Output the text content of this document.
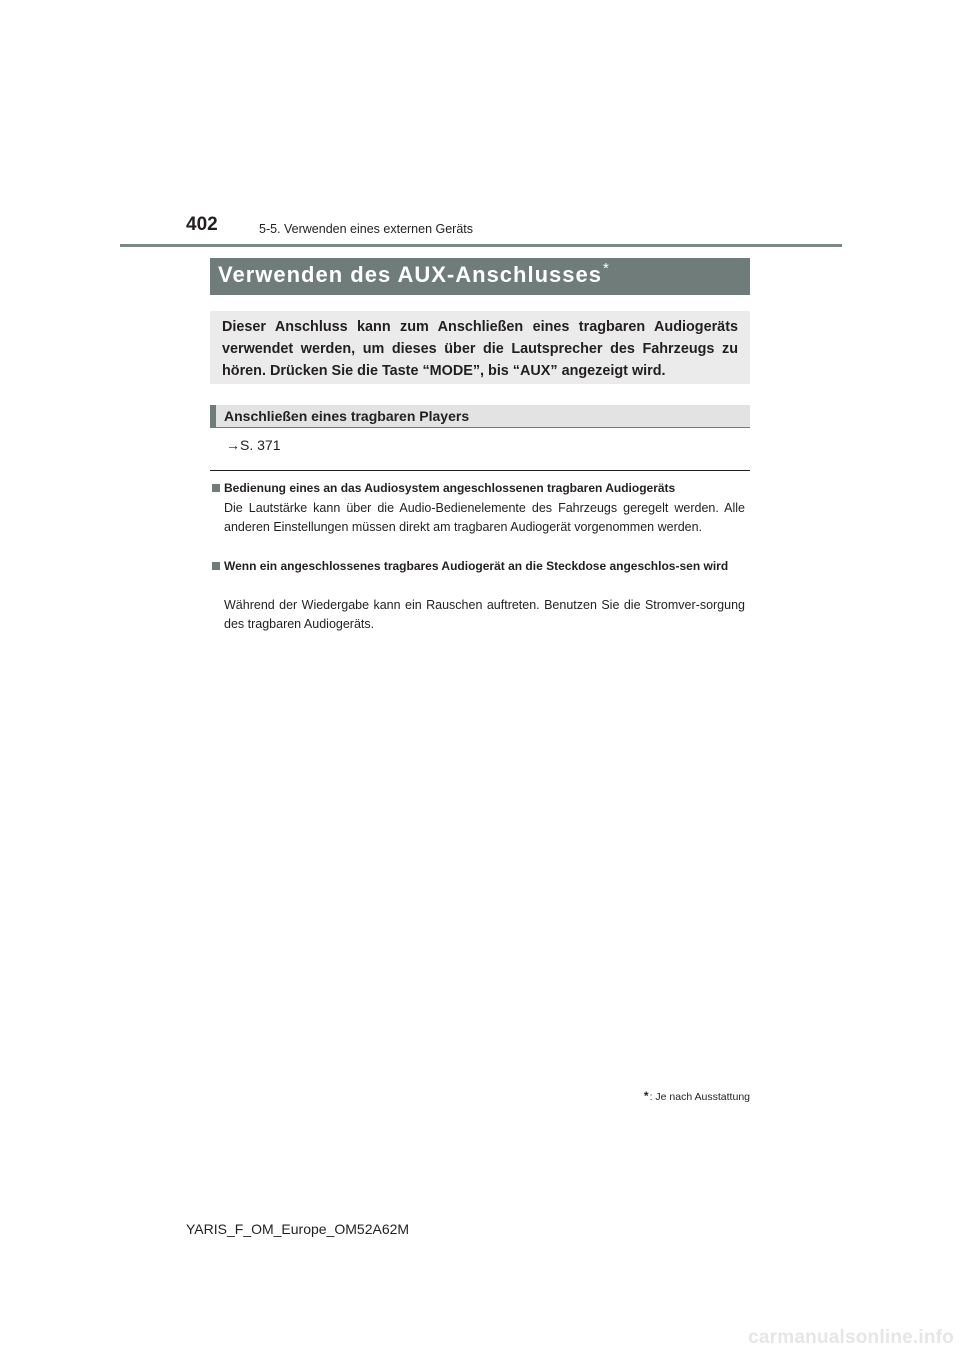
402	5-5. Verwenden eines externen Geräts
Verwenden des AUX-Anschlusses*
Dieser Anschluss kann zum Anschließen eines tragbaren Audiogeräts verwendet werden, um dieses über die Lautsprecher des Fahrzeugs zu hören. Drücken Sie die Taste “MODE”, bis “AUX” angezeigt wird.
Anschließen eines tragbaren Players
→S. 371
Bedienung eines an das Audiosystem angeschlossenen tragbaren Audiogeräts
Die Lautstärke kann über die Audio-Bedienelemente des Fahrzeugs geregelt werden. Alle anderen Einstellungen müssen direkt am tragbaren Audiogerät vorgenommen werden.
Wenn ein angeschlossenes tragbares Audiogerät an die Steckdose angeschlos-sen wird
Während der Wiedergabe kann ein Rauschen auftreten. Benutzen Sie die Stromver-sorgung des tragbaren Audiogeräts.
*: Je nach Ausstattung
YARIS_F_OM_Europe_OM52A62M
carmanualsonline.info
